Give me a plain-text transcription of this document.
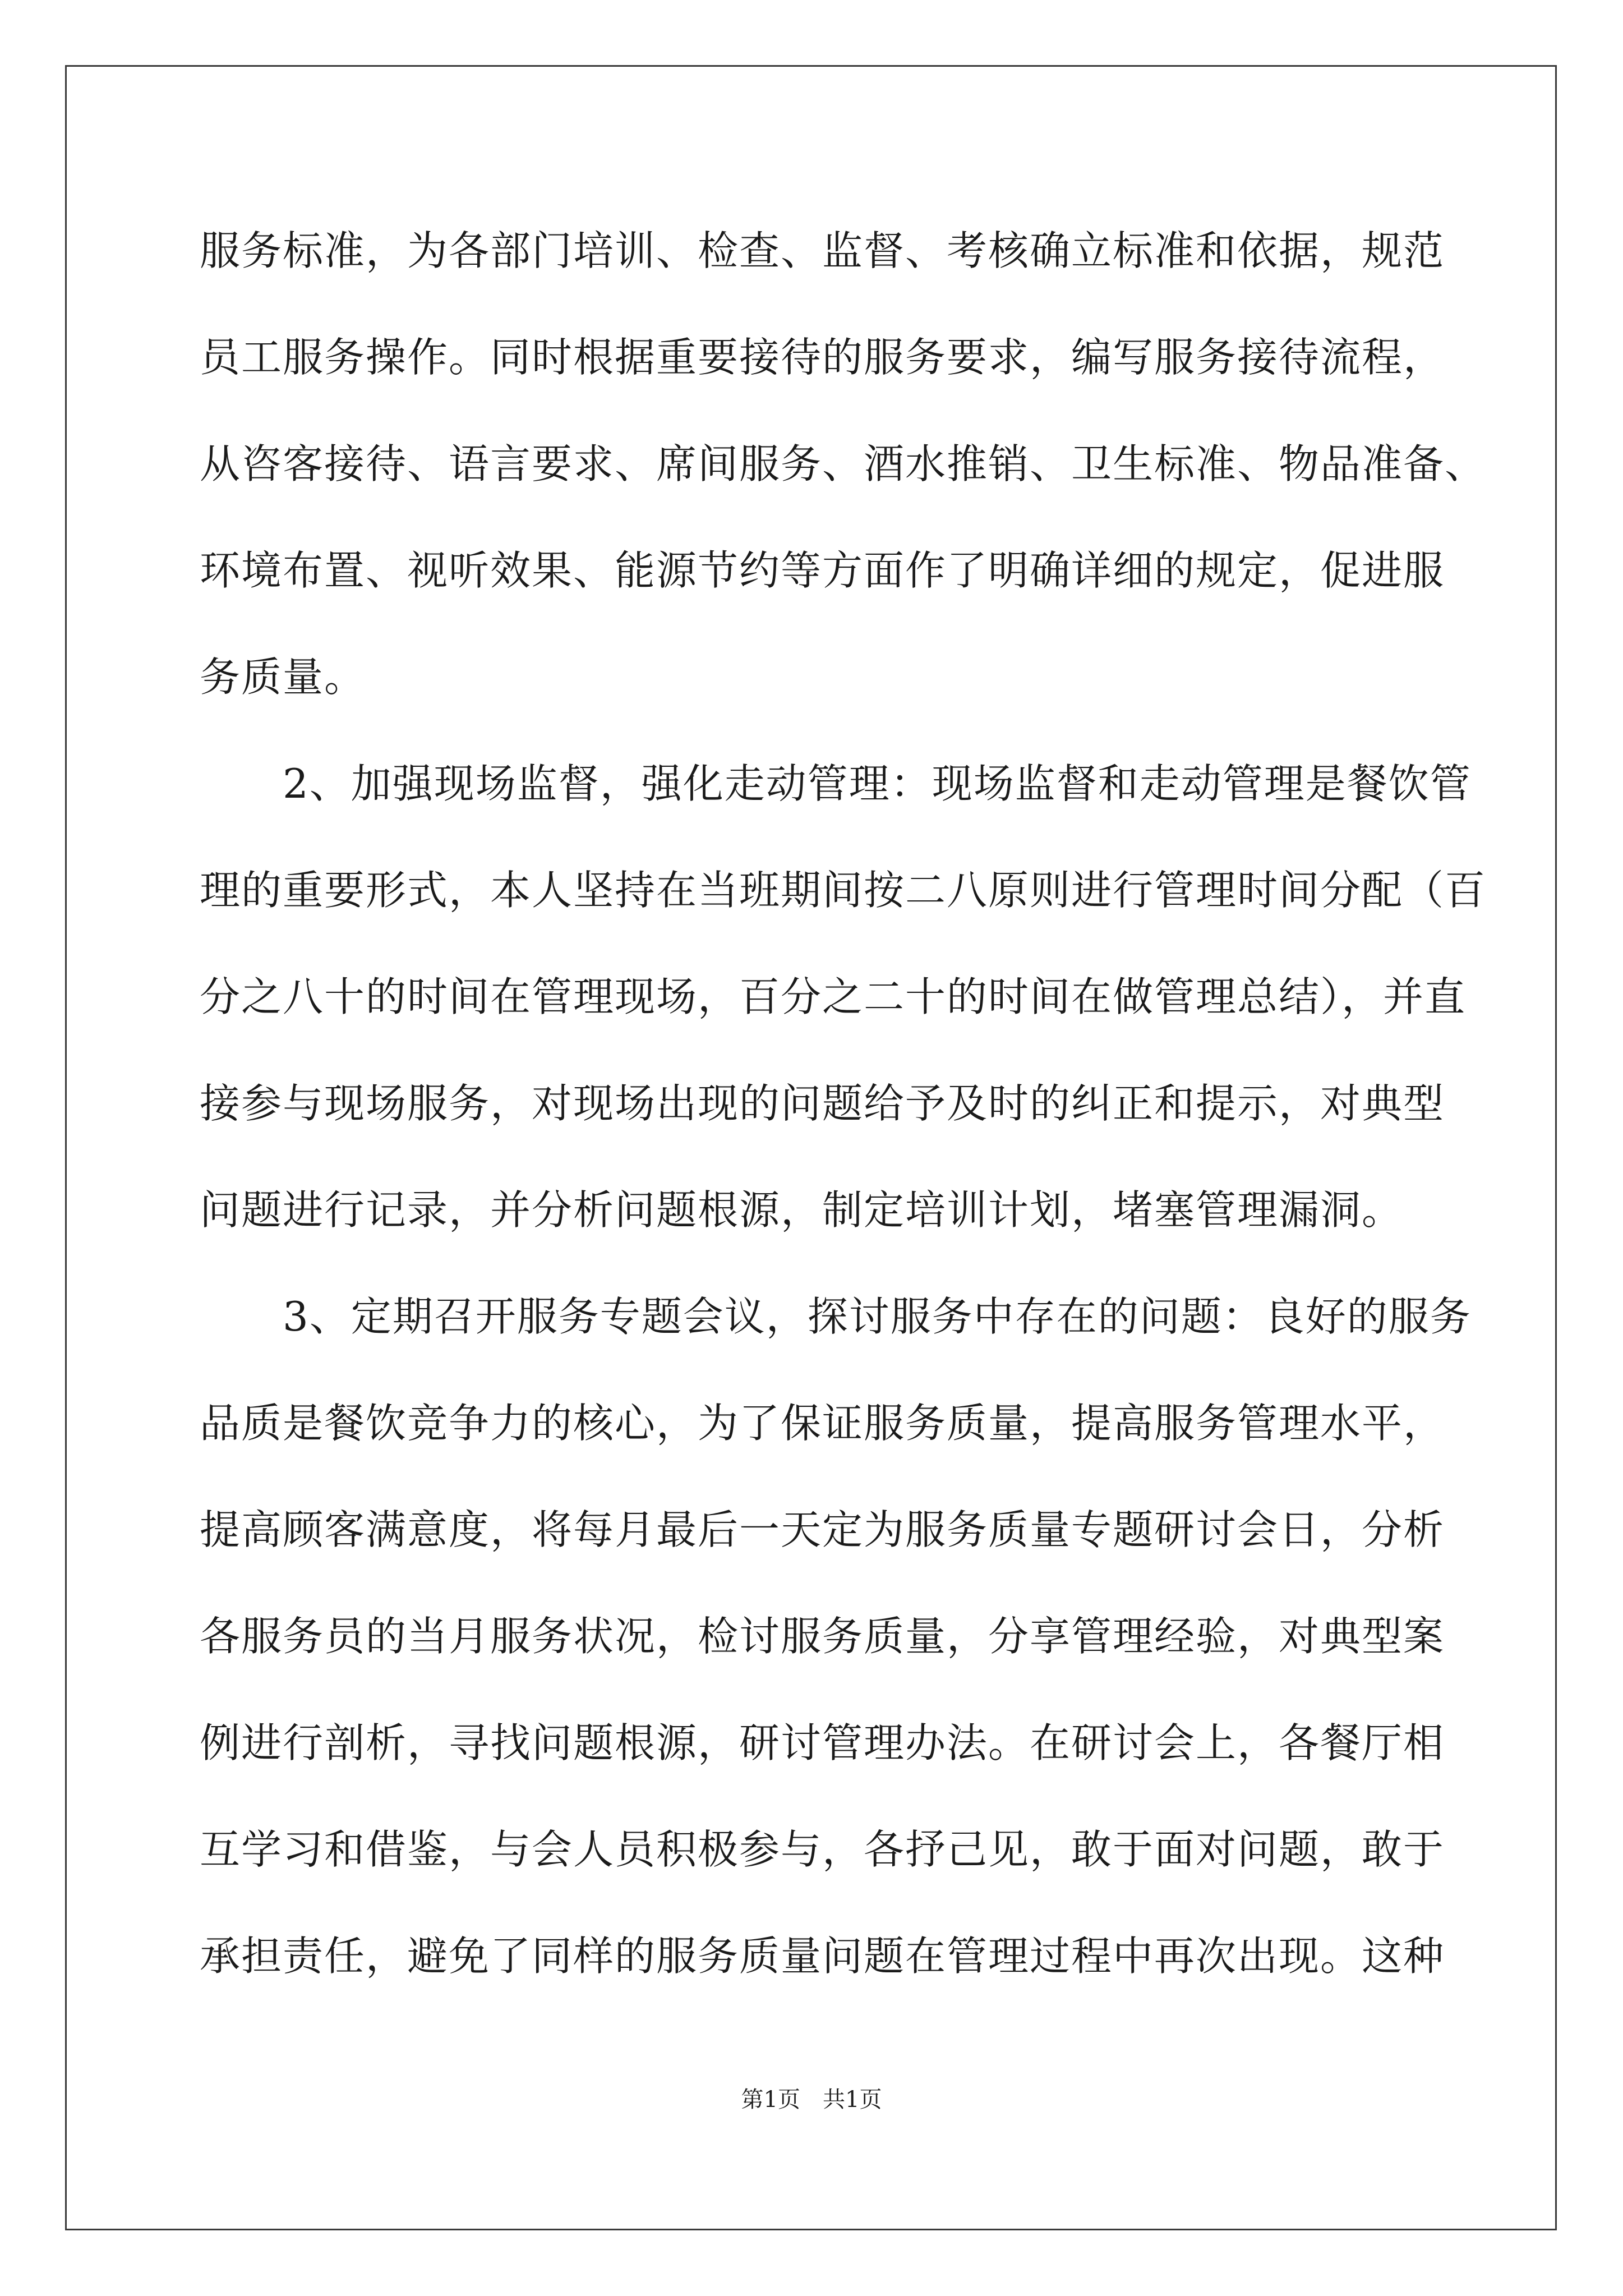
服务标准，为各部门培训、检查、监督、考核确立标准和依据，规范
员工服务操作。同时根据重要接待的服务要求，编写服务接待流程，
从咨客接待、语言要求、席间服务、酒水推销、卫生标准、物品准备、
环境布置、视听效果、能源节约等方面作了明确详细的规定，促进服
务质量。
　　2、加强现场监督，强化走动管理：现场监督和走动管理是餐饮管
理的重要形式，本人坚持在当班期间按二八原则进行管理时间分配（百
分之八十的时间在管理现场，百分之二十的时间在做管理总结），并直
接参与现场服务，对现场出现的问题给予及时的纠正和提示，对典型
问题进行记录，并分析问题根源，制定培训计划，堵塞管理漏洞。
　　3、定期召开服务专题会议，探讨服务中存在的问题：良好的服务
品质是餐饮竞争力的核心，为了保证服务质量，提高服务管理水平，
提高顾客满意度，将每月最后一天定为服务质量专题研讨会日，分析
各服务员的当月服务状况，检讨服务质量，分享管理经验，对典型案
例进行剖析，寻找问题根源，研讨管理办法。在研讨会上，各餐厅相
互学习和借鉴，与会人员积极参与，各抒己见，敢于面对问题，敢于
承担责任，避免了同样的服务质量问题在管理过程中再次出现。这种
第1页　共1页
